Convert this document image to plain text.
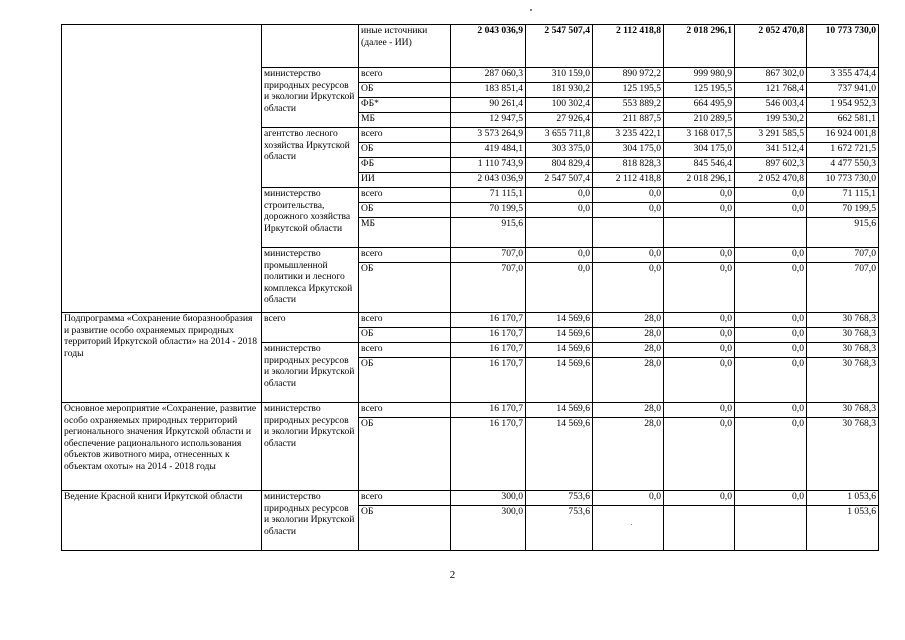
		иные источники (далее - ИИ)	2 043 036,9	2 547 507,4	2 112 418,8	2 018 296,1	2 052 470,8	10 773 730,0
	министерство природных ресурсов и экологии Иркутской области	всего	287 060,3	310 159,0	890 972,2	999 980,9	867 302,0	3 355 474,4
		ОБ	183 851,4	181 930,2	125 195,5	125 195,5	121 768,4	737 941,0
		ФБ*	90 261,4	100 302,4	553 889,2	664 495,9	546 003,4	1 954 952,3
		МБ	12 947,5	27 926,4	211 887,5	210 289,5	199 530,2	662 581,1
	агентство лесного хозяйства Иркутской области	всего	3 573 264,9	3 655 711,8	3 235 422,1	3 168 017,5	3 291 585,5	16 924 001,8
		ОБ	419 484,1	303 375,0	304 175,0	304 175,0	341 512,4	1 672 721,5
		ФБ	1 110 743,9	804 829,4	818 828,3	845 546,4	897 602,3	4 477 550,3
		ИИ	2 043 036,9	2 547 507,4	2 112 418,8	2 018 296,1	2 052 470,8	10 773 730,0
	министерство строительства, дорожного хозяйства Иркутской области	всего	71 115,1	0,0	0,0	0,0	0,0	71 115,1
		ОБ	70 199,5	0,0	0,0	0,0	0,0	70 199,5
		МБ	915,6					915,6
	министерство промышленной политики и лесного комплекса Иркутской области	всего	707,0	0,0	0,0	0,0	0,0	707,0
		ОБ	707,0	0,0	0,0	0,0	0,0	707,0
Подпрограмма «Сохранение биоразнообразия и развитие особо охраняемых природных территорий Иркутской области» на 2014 - 2018 годы	всего	всего	16 170,7	14 569,6	28,0	0,0	0,0	30 768,3
		ОБ	16 170,7	14 569,6	28,0	0,0	0,0	30 768,3
	министерство природных ресурсов и экологии Иркутской области	всего	16 170,7	14 569,6	28,0	0,0	0,0	30 768,3
		ОБ	16 170,7	14 569,6	28,0	0,0	0,0	30 768,3
Основное мероприятие «Сохранение, развитие особо охраняемых природных территорий регионального значения Иркутской области и обеспечение рационального использования объектов животного мира, отнесенных к объектам охоты» на 2014 - 2018 годы	министерство природных ресурсов и экологии Иркутской области	всего	16 170,7	14 569,6	28,0	0,0	0,0	30 768,3
		ОБ	16 170,7	14 569,6	28,0	0,0	0,0	30 768,3
Ведение Красной книги Иркутской области	министерство природных ресурсов и экологии Иркутской области	всего	300,0	753,6	0,0	0,0	0,0	1 053,6
		ОБ	300,0	753,6				1 053,6
2
